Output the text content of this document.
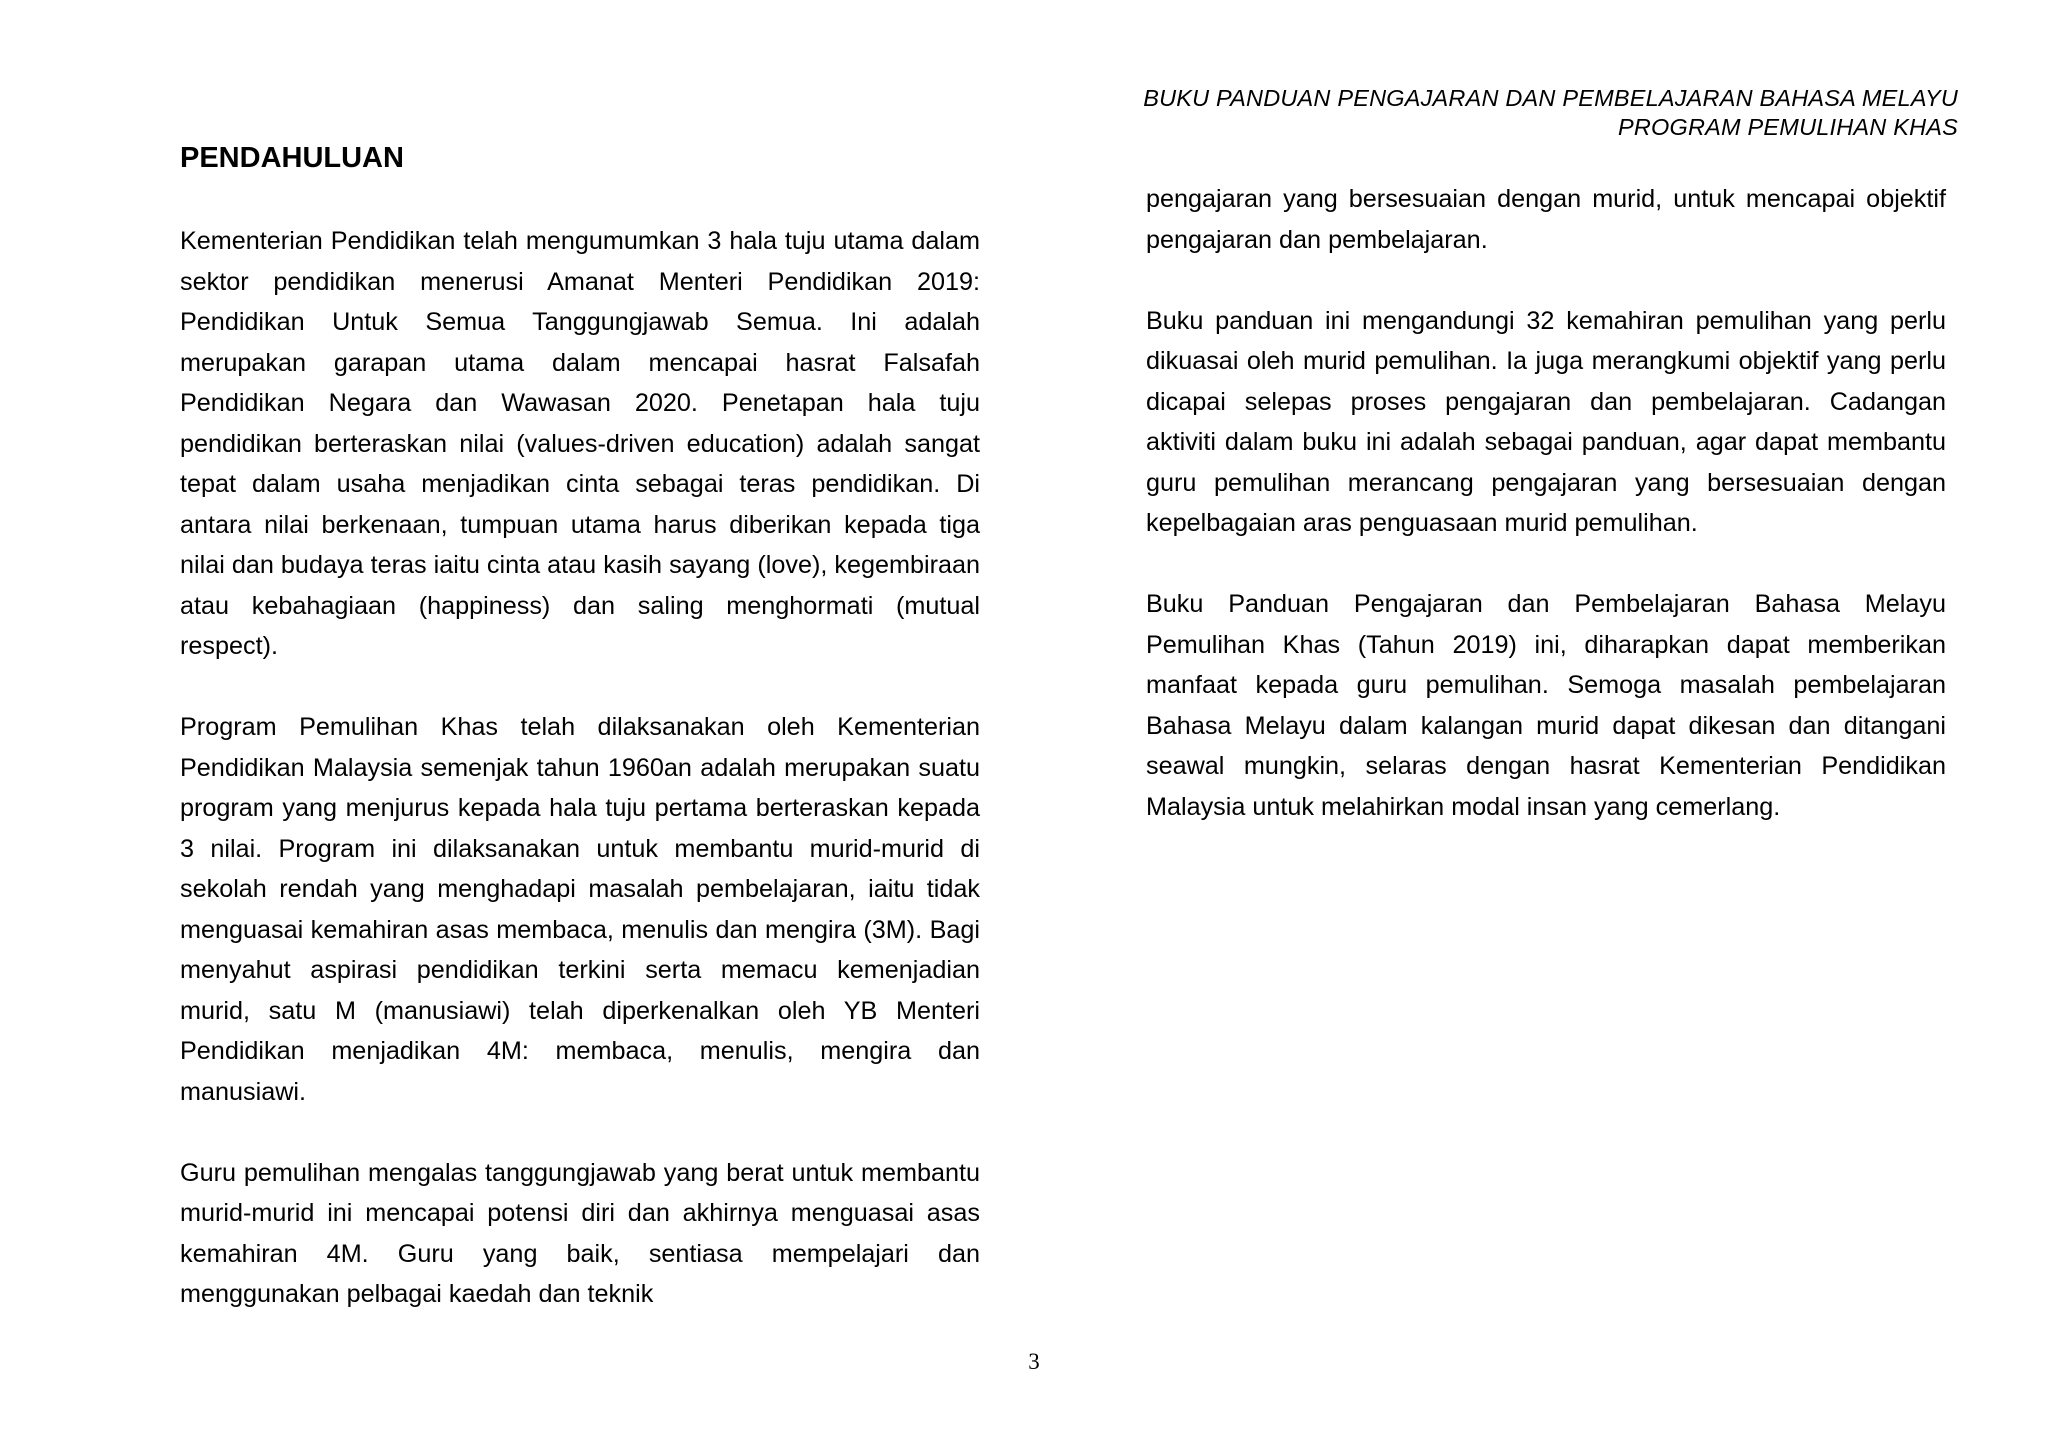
BUKU PANDUAN PENGAJARAN DAN PEMBELAJARAN BAHASA MELAYU
PROGRAM PEMULIHAN KHAS
PENDAHULUAN

Kementerian Pendidikan telah mengumumkan 3 hala tuju utama dalam sektor pendidikan menerusi Amanat Menteri Pendidikan 2019: Pendidikan Untuk Semua Tanggungjawab Semua. Ini adalah merupakan garapan utama dalam mencapai hasrat Falsafah Pendidikan Negara dan Wawasan 2020. Penetapan hala tuju pendidikan berteraskan nilai (values-driven education) adalah sangat tepat dalam usaha menjadikan cinta sebagai teras pendidikan. Di antara nilai berkenaan, tumpuan utama harus diberikan kepada tiga nilai dan budaya teras iaitu cinta atau kasih sayang (love), kegembiraan atau kebahagiaan (happiness) dan saling menghormati (mutual respect).

Program Pemulihan Khas telah dilaksanakan oleh Kementerian Pendidikan Malaysia semenjak tahun 1960an adalah merupakan suatu program yang menjurus kepada hala tuju pertama berteraskan kepada 3 nilai. Program ini dilaksanakan untuk membantu murid-murid di sekolah rendah yang menghadapi masalah pembelajaran, iaitu tidak menguasai kemahiran asas membaca, menulis dan mengira (3M). Bagi menyahut aspirasi pendidikan terkini serta memacu kemenjadian murid, satu M (manusiawi) telah diperkenalkan oleh YB Menteri Pendidikan menjadikan 4M: membaca, menulis, mengira dan manusiawi.

Guru pemulihan mengalas tanggungjawab yang berat untuk membantu murid-murid ini mencapai potensi diri dan akhirnya menguasai asas kemahiran 4M. Guru yang baik, sentiasa mempelajari dan menggunakan pelbagai kaedah dan teknik

pengajaran yang bersesuaian dengan murid, untuk mencapai objektif pengajaran dan pembelajaran.

Buku panduan ini mengandungi 32 kemahiran pemulihan yang perlu dikuasai oleh murid pemulihan. Ia juga merangkumi objektif yang perlu dicapai selepas proses pengajaran dan pembelajaran. Cadangan aktiviti dalam buku ini adalah sebagai panduan, agar dapat membantu guru pemulihan merancang pengajaran yang bersesuaian dengan kepelbagaian aras penguasaan murid pemulihan.

Buku Panduan Pengajaran dan Pembelajaran Bahasa Melayu Pemulihan Khas (Tahun 2019) ini, diharapkan dapat memberikan manfaat kepada guru pemulihan. Semoga masalah pembelajaran Bahasa Melayu dalam kalangan murid dapat dikesan dan ditangani seawal mungkin, selaras dengan hasrat Kementerian Pendidikan Malaysia untuk melahirkan modal insan yang cemerlang.

3
